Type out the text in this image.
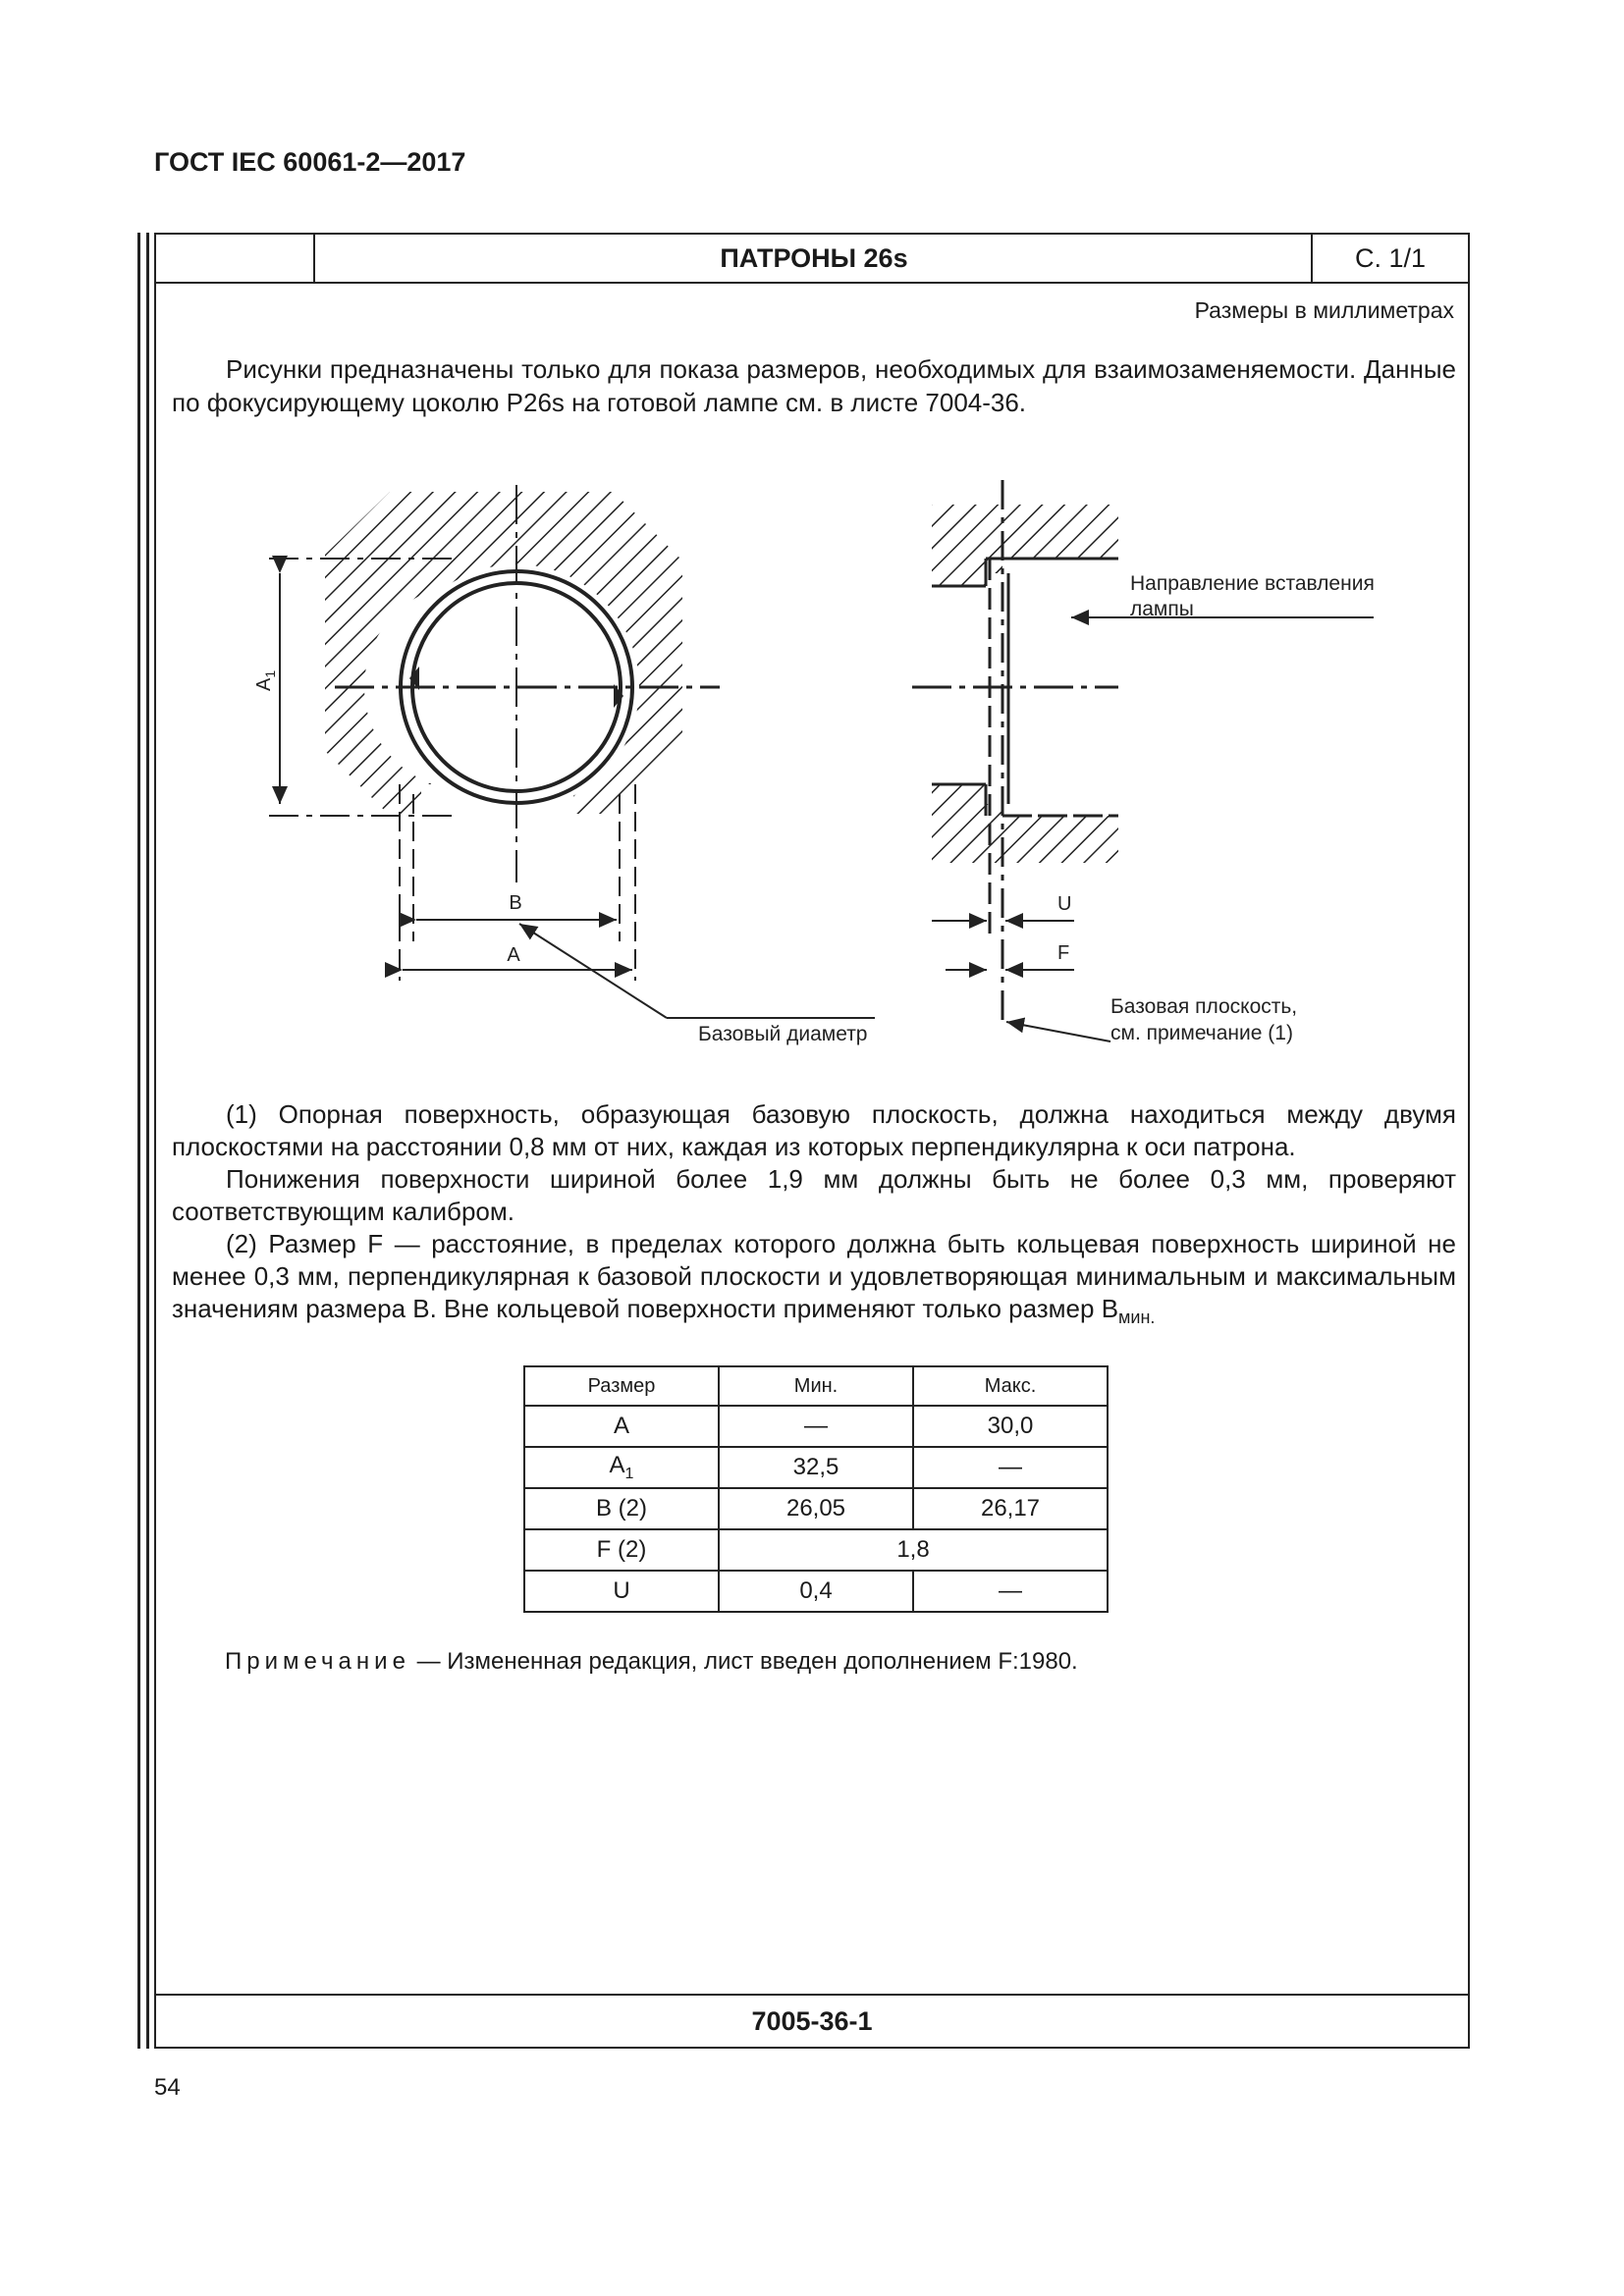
ГОСТ IEC 60061-2—2017
ПАТРОНЫ 26s	С. 1/1
Размеры в миллиметрах

Рисунки предназначены только для показа размеров, необходимых для взаимозаменяемости. Данные по фокусирующему цоколю P26s на готовой лампе см. в листе 7004-36.

$A_1$
B
A
Базовый диаметр
Направление вставления лампы
U
F
Базовая плоскость, см. примечание (1)

(1) Опорная поверхность, образующая базовую плоскость, должна находиться между двумя плоскостями на расстоянии 0,8 мм от них, каждая из которых перпендикулярна к оси патрона.

Понижения поверхности шириной более 1,9 мм должны быть не более 0,3 мм, проверяют соответствующим калибром.

(2) Размер F — расстояние, в пределах которого должна быть кольцевая поверхность шириной не менее 0,3 мм, перпендикулярная к базовой плоскости и удовлетворяющая минимальным и максимальным значениям размера B. Вне кольцевой поверхности применяют только размер $B_{мин.}$

Размер	Мин.	Макс.
A	—	30,0
$A_1$	32,5	—
B (2)	26,05	26,17
F (2)	1,8	
U	0,4	—
Примечание — Измененная редакция, лист введен дополнением F:1980.
7005-36-1
54
